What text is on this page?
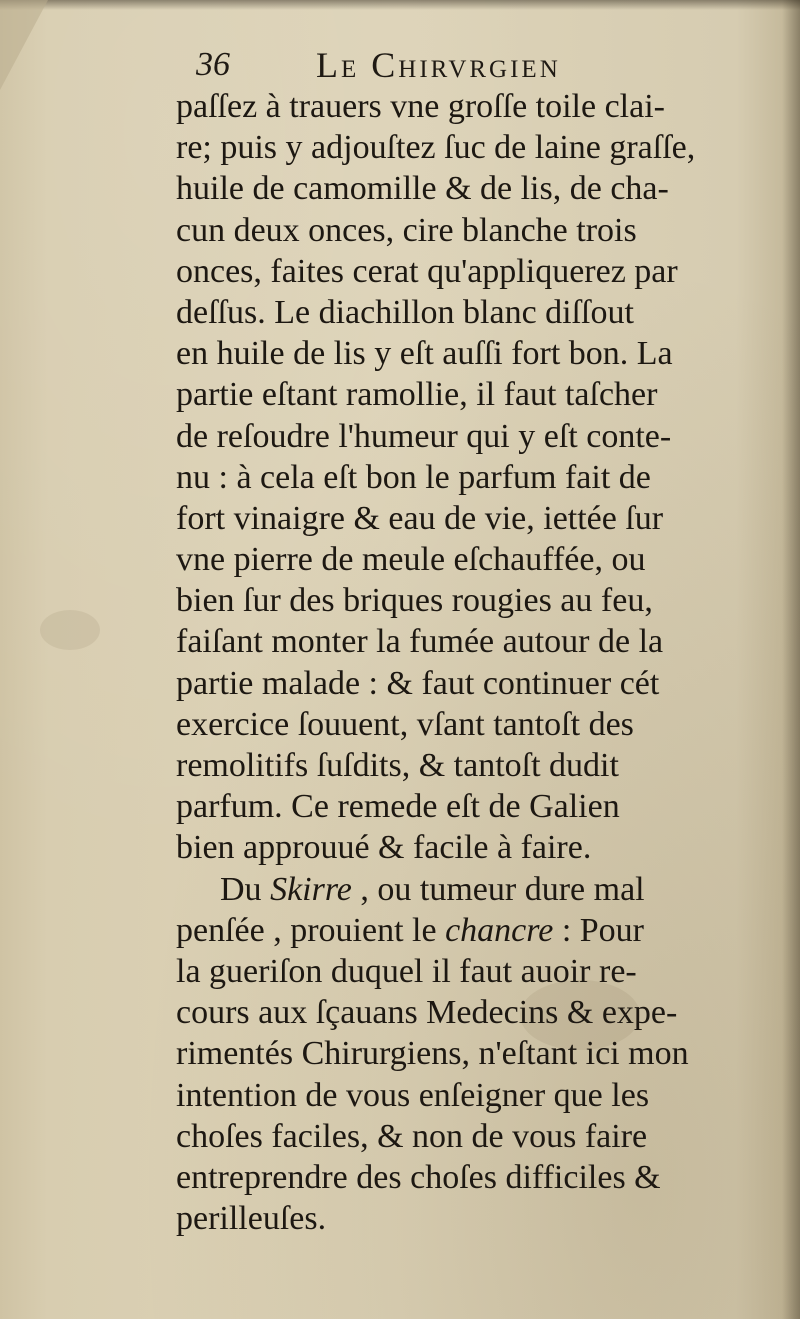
36 Le Chirvrgien
paſſez à trauers vne groſſe toile clai-
re; puis y adjouſtez ſuc de laine graſſe,
huile de camomille & de lis, de cha-
cun deux onces, cire blanche trois
onces, faites cerat qu'appliquerez par
deſſus. Le diachillon blanc diſſout
en huile de lis y eſt auſſi fort bon. La
partie eſtant ramollie, il faut taſcher
de reſoudre l'humeur qui y eſt conte-
nu : à cela eſt bon le parfum fait de
fort vinaigre & eau de vie, iettée ſur
vne pierre de meule eſchauffée, ou
bien ſur des briques rougies au feu,
faiſant monter la fumée autour de la
partie malade : & faut continuer cét
exercice ſouuent, vſant tantoſt des
remolitifs ſuſdits, & tantoſt dudit
parfum. Ce remede eſt de Galien
bien approuué & facile à faire.
Du Skirre , ou tumeur dure mal
penſée , prouient le chancre : Pour
la gueriſon duquel il faut auoir re-
cours aux ſçauans Medecins & expe-
rimentés Chirurgiens, n'eſtant ici mon
intention de vous enſeigner que les
choſes faciles, & non de vous faire
entreprendre des choſes difficiles &
perilleuſes.
